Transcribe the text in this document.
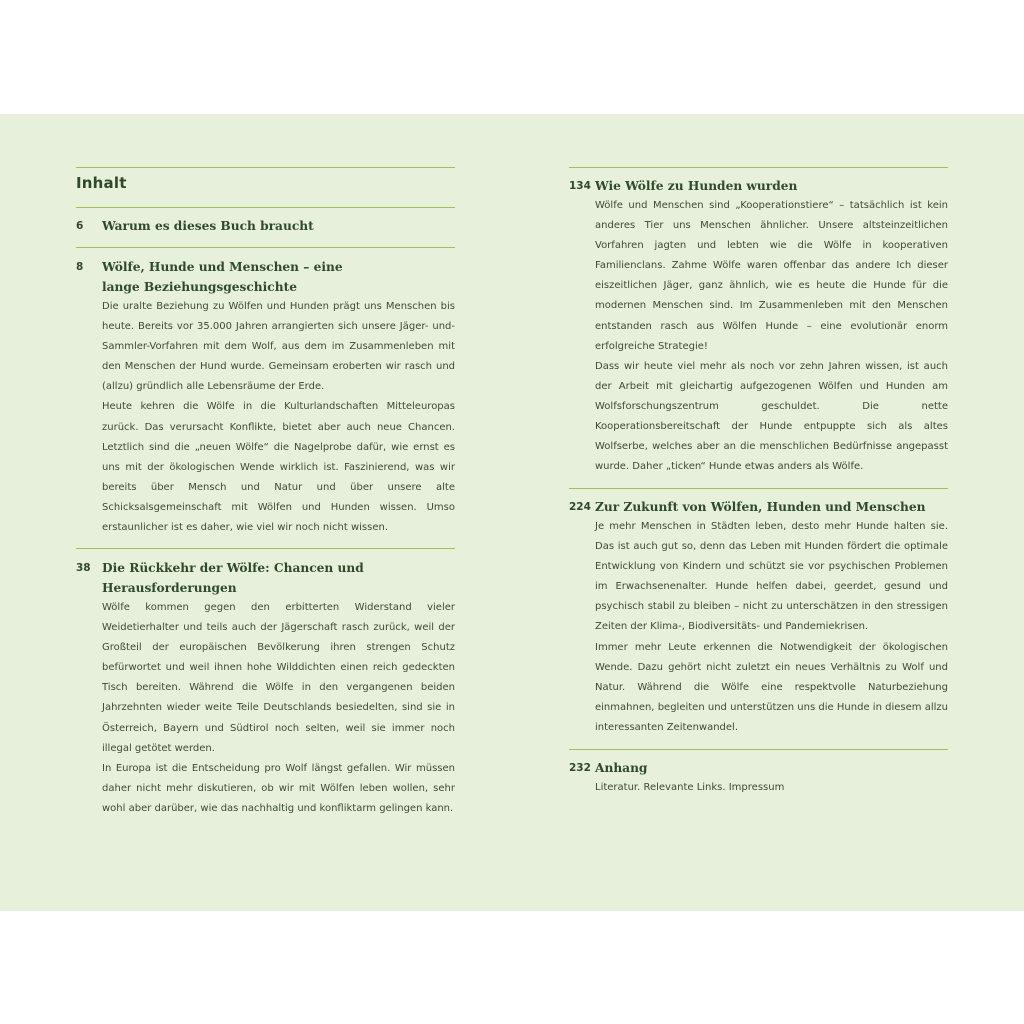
Inhalt
6 Warum es dieses Buch braucht
8 Wölfe, Hunde und Menschen – eine lange Beziehungsgeschichte

Die uralte Beziehung zu Wölfen und Hunden prägt uns Menschen bis heute. Bereits vor 35.000 Jahren arrangierten sich unsere Jäger- und-Sammler-Vorfahren mit dem Wolf, aus dem im Zusammenleben mit den Menschen der Hund wurde. Gemeinsam eroberten wir rasch und (allzu) gründlich alle Lebensräume der Erde.

Heute kehren die Wölfe in die Kulturlandschaften Mitteleuropas zurück. Das verursacht Konflikte, bietet aber auch neue Chancen. Letztlich sind die „neuen Wölfe“ die Nagelprobe dafür, wie ernst es uns mit der ökologischen Wende wirklich ist. Faszinierend, was wir bereits über Mensch und Natur und über unsere alte Schicksalsgemeinschaft mit Wölfen und Hunden wissen. Umso erstaunlicher ist es daher, wie viel wir noch nicht wissen.

38 Die Rückkehr der Wölfe: Chancen und Herausforderungen

Wölfe kommen gegen den erbitterten Widerstand vieler Weidetierhalter und teils auch der Jägerschaft rasch zurück, weil der Großteil der europäischen Bevölkerung ihren strengen Schutz befürwortet und weil ihnen hohe Wilddichten einen reich gedeckten Tisch bereiten. Während die Wölfe in den vergangenen beiden Jahrzehnten wieder weite Teile Deutschlands besiedelten, sind sie in Österreich, Bayern und Südtirol noch selten, weil sie immer noch illegal getötet werden.

In Europa ist die Entscheidung pro Wolf längst gefallen. Wir müssen daher nicht mehr diskutieren, ob wir mit Wölfen leben wollen, sehr wohl aber darüber, wie das nachhaltig und konfliktarm gelingen kann.

134 Wie Wölfe zu Hunden wurden

Wölfe und Menschen sind „Kooperationstiere“ – tatsächlich ist kein anderes Tier uns Menschen ähnlicher. Unsere altsteinzeitlichen Vorfahren jagten und lebten wie die Wölfe in kooperativen Familienclans. Zahme Wölfe waren offenbar das andere Ich dieser eiszeitlichen Jäger, ganz ähnlich, wie es heute die Hunde für die modernen Menschen sind. Im Zusammenleben mit den Menschen entstanden rasch aus Wölfen Hunde – eine evolutionär enorm erfolgreiche Strategie!

Dass wir heute viel mehr als noch vor zehn Jahren wissen, ist auch der Arbeit mit gleichartig aufgezogenen Wölfen und Hunden am Wolfsforschungszentrum geschuldet. Die nette Kooperationsbereitschaft der Hunde entpuppte sich als altes Wolfserbe, welches aber an die menschlichen Bedürfnisse angepasst wurde. Daher „ticken“ Hunde etwas anders als Wölfe.

224 Zur Zukunft von Wölfen, Hunden und Menschen

Je mehr Menschen in Städten leben, desto mehr Hunde halten sie. Das ist auch gut so, denn das Leben mit Hunden fördert die optimale Entwicklung von Kindern und schützt sie vor psychischen Problemen im Erwachsenenalter. Hunde helfen dabei, geerdet, gesund und psychisch stabil zu bleiben – nicht zu unterschätzen in den stressigen Zeiten der Klima-, Biodiversitäts- und Pandemiekrisen.

Immer mehr Leute erkennen die Notwendigkeit der ökologischen Wende. Dazu gehört nicht zuletzt ein neues Verhältnis zu Wolf und Natur. Während die Wölfe eine respektvolle Naturbeziehung einmahnen, begleiten und unterstützen uns die Hunde in diesem allzu interessanten Zeitenwandel.

232 Anhang

Literatur. Relevante Links. Impressum
